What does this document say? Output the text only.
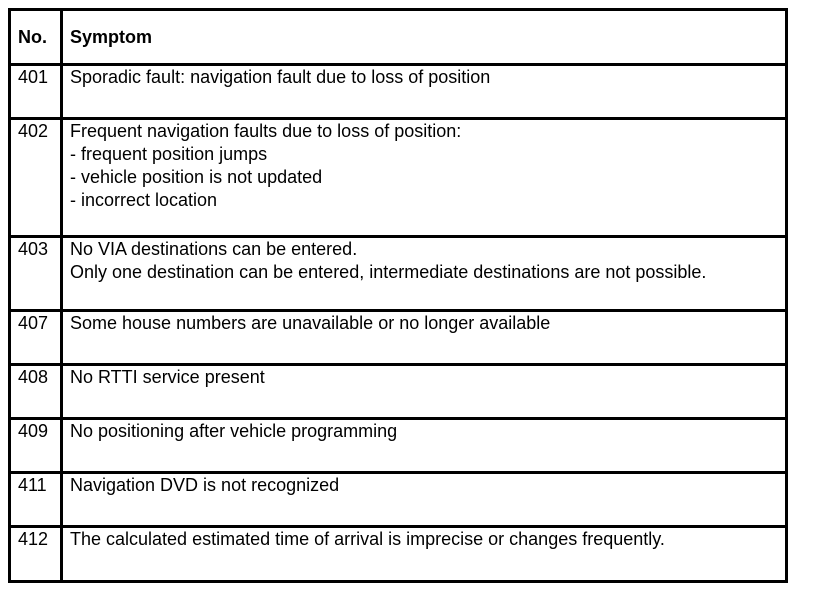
No.	Symptom
401	Sporadic fault: navigation fault due to loss of position

402	Frequent navigation faults due to loss of position:
- frequent position jumps
- vehicle position is not updated
- incorrect location

403	No VIA destinations can be entered.
Only one destination can be entered, intermediate destinations are not possible.

407	Some house numbers are unavailable or no longer available

408	No RTTI service present

409	No positioning after vehicle programming

411	Navigation DVD is not recognized

412	The calculated estimated time of arrival is imprecise or changes frequently.
